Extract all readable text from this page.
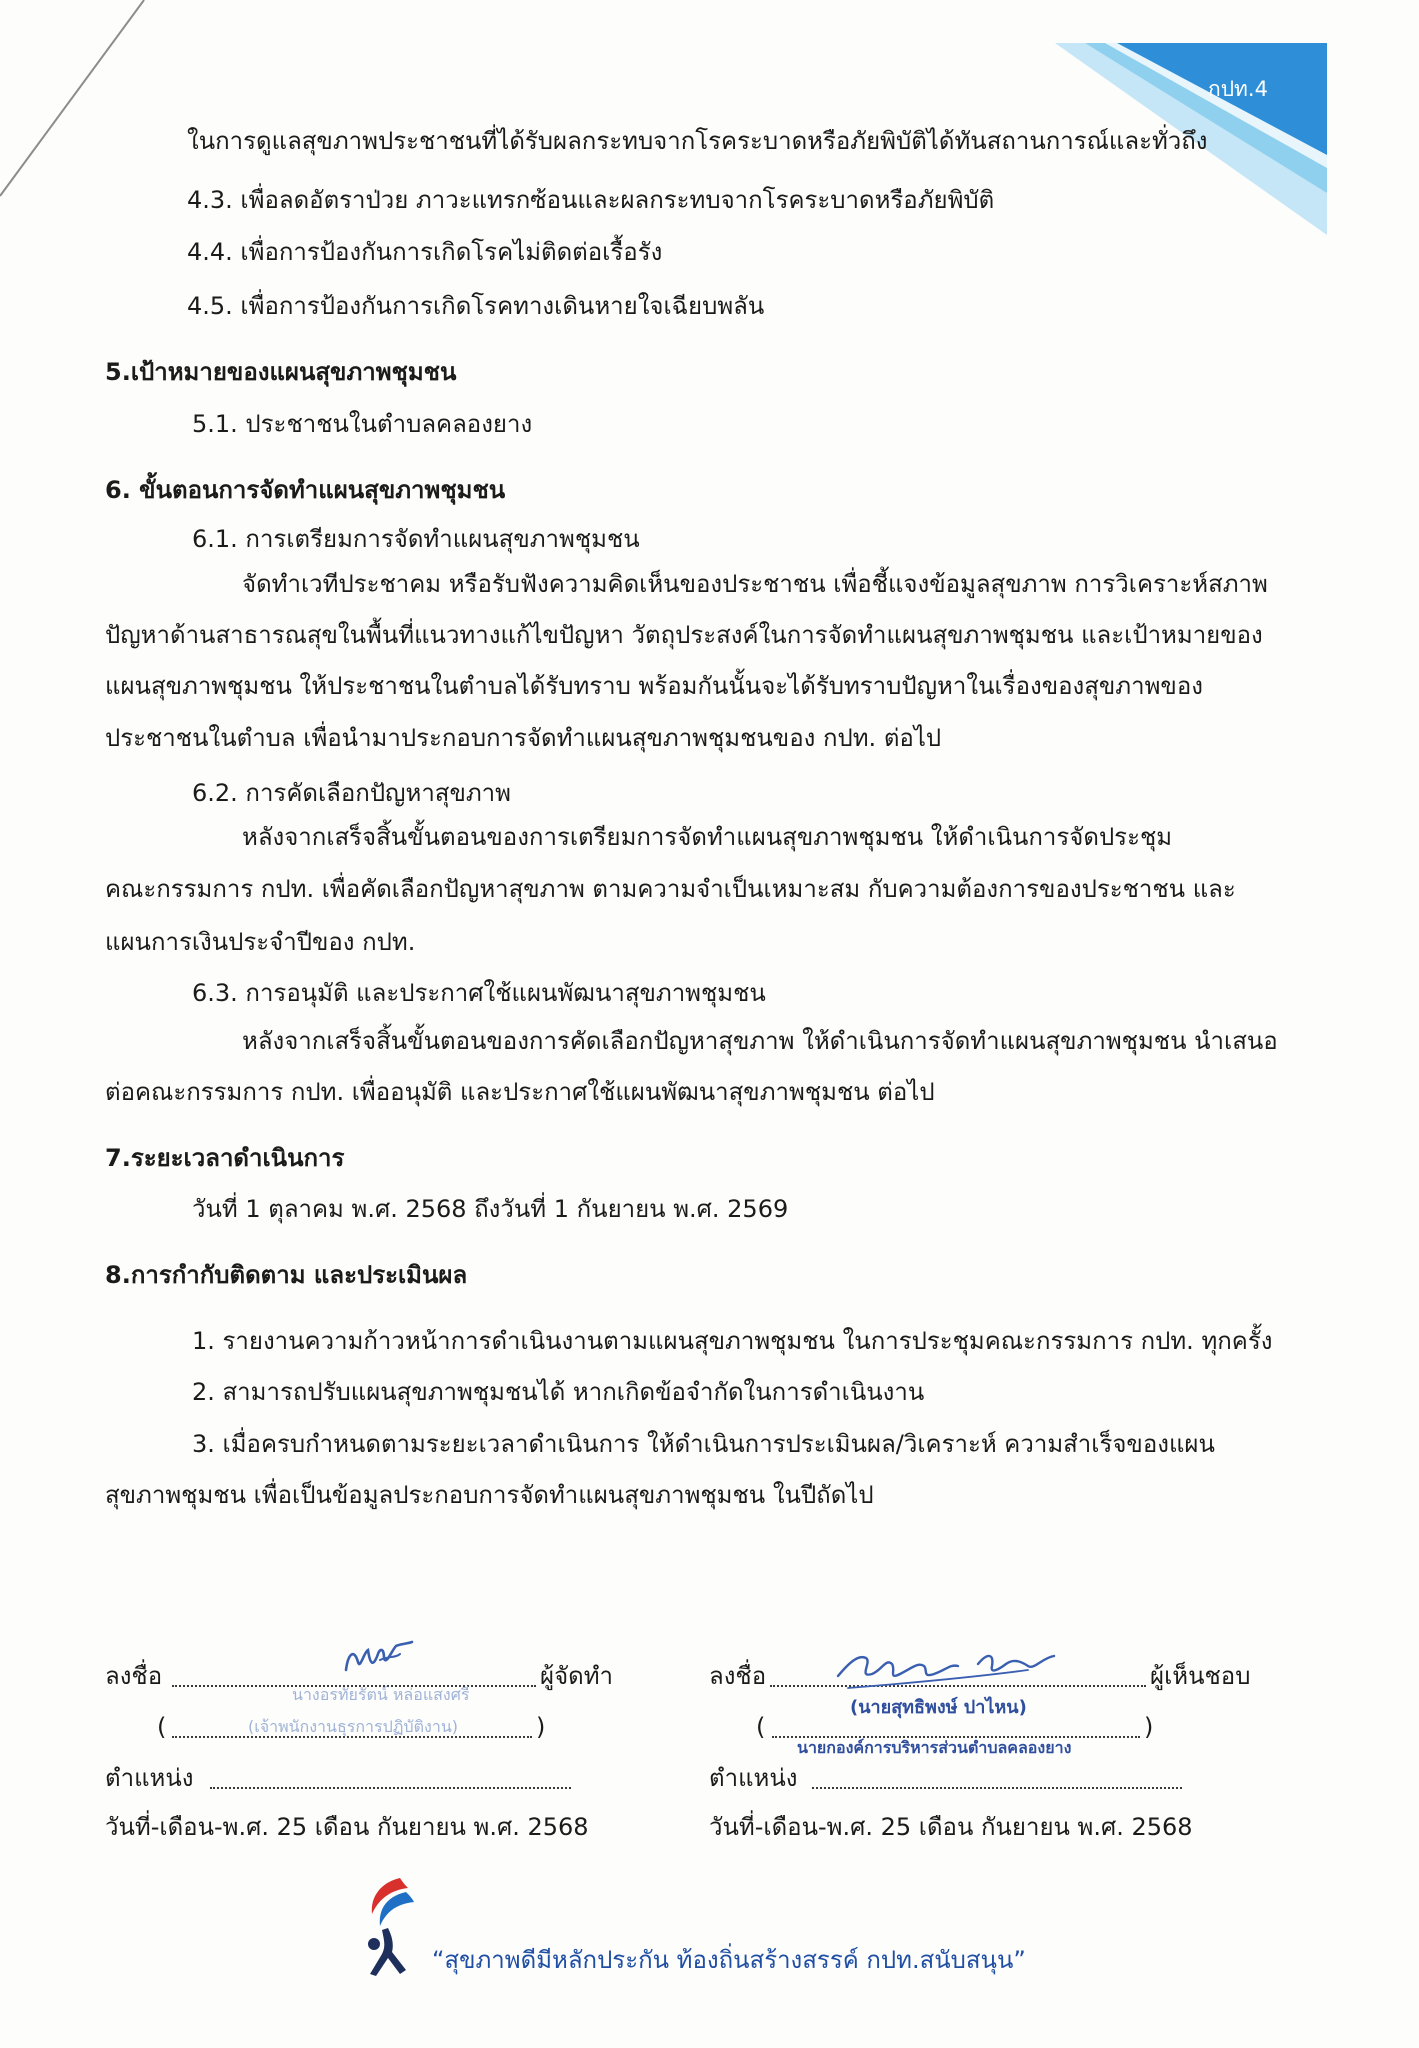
กปท.4
ในการดูแลสุขภาพประชาชนที่ได้รับผลกระทบจากโรคระบาดหรือภัยพิบัติได้ทันสถานการณ์และทั่วถึง
4.3. เพื่อลดอัตราป่วย ภาวะแทรกซ้อนและผลกระทบจากโรคระบาดหรือภัยพิบัติ
4.4. เพื่อการป้องกันการเกิดโรคไม่ติดต่อเรื้อรัง
4.5. เพื่อการป้องกันการเกิดโรคทางเดินหายใจเฉียบพลัน
5.เป้าหมายของแผนสุขภาพชุมชน
5.1. ประชาชนในตำบลคลองยาง
6. ขั้นตอนการจัดทำแผนสุขภาพชุมชน
6.1. การเตรียมการจัดทำแผนสุขภาพชุมชน
จัดทำเวทีประชาคม หรือรับฟังความคิดเห็นของประชาชน เพื่อชี้แจงข้อมูลสุขภาพ การวิเคราะห์สภาพ
ปัญหาด้านสาธารณสุขในพื้นที่แนวทางแก้ไขปัญหา วัตถุประสงค์ในการจัดทำแผนสุขภาพชุมชน และเป้าหมายของ
แผนสุขภาพชุมชน ให้ประชาชนในตำบลได้รับทราบ พร้อมกันนั้นจะได้รับทราบปัญหาในเรื่องของสุขภาพของ
ประชาชนในตำบล เพื่อนำมาประกอบการจัดทำแผนสุขภาพชุมชนของ กปท. ต่อไป
6.2. การคัดเลือกปัญหาสุขภาพ
หลังจากเสร็จสิ้นขั้นตอนของการเตรียมการจัดทำแผนสุขภาพชุมชน ให้ดำเนินการจัดประชุม
คณะกรรมการ กปท. เพื่อคัดเลือกปัญหาสุขภาพ ตามความจำเป็นเหมาะสม กับความต้องการของประชาชน และ
แผนการเงินประจำปีของ กปท.
6.3. การอนุมัติ และประกาศใช้แผนพัฒนาสุขภาพชุมชน
หลังจากเสร็จสิ้นขั้นตอนของการคัดเลือกปัญหาสุขภาพ ให้ดำเนินการจัดทำแผนสุขภาพชุมชน นำเสนอ
ต่อคณะกรรมการ กปท. เพื่ออนุมัติ และประกาศใช้แผนพัฒนาสุขภาพชุมชน ต่อไป
7.ระยะเวลาดำเนินการ
วันที่ 1 ตุลาคม พ.ศ. 2568 ถึงวันที่ 1 กันยายน พ.ศ. 2569
8.การกำกับติดตาม และประเมินผล
1. รายงานความก้าวหน้าการดำเนินงานตามแผนสุขภาพชุมชน ในการประชุมคณะกรรมการ กปท. ทุกครั้ง
2. สามารถปรับแผนสุขภาพชุมชนได้ หากเกิดข้อจำกัดในการดำเนินงาน
3. เมื่อครบกำหนดตามระยะเวลาดำเนินการ ให้ดำเนินการประเมินผล/วิเคราะห์ ความสำเร็จของแผน
สุขภาพชุมชน เพื่อเป็นข้อมูลประกอบการจัดทำแผนสุขภาพชุมชน ในปีถัดไป
ลงชื่อ	ผู้จัดทำ
นางอรทัยรัตน์ หล่อแสงศรี
(	)
(เจ้าพนักงานธุรการปฏิบัติงาน)
ตำแหน่ง
วันที่-เดือน-พ.ศ. 25 เดือน กันยายน พ.ศ. 2568
ลงชื่อ	ผู้เห็นชอบ
(นายสุทธิพงษ์ ปาไหน)
(	)
นายกองค์การบริหารส่วนตำบลคลองยาง
ตำแหน่ง
วันที่-เดือน-พ.ศ. 25 เดือน กันยายน พ.ศ. 2568
“สุขภาพดีมีหลักประกัน ท้องถิ่นสร้างสรรค์ กปท.สนับสนุน”
